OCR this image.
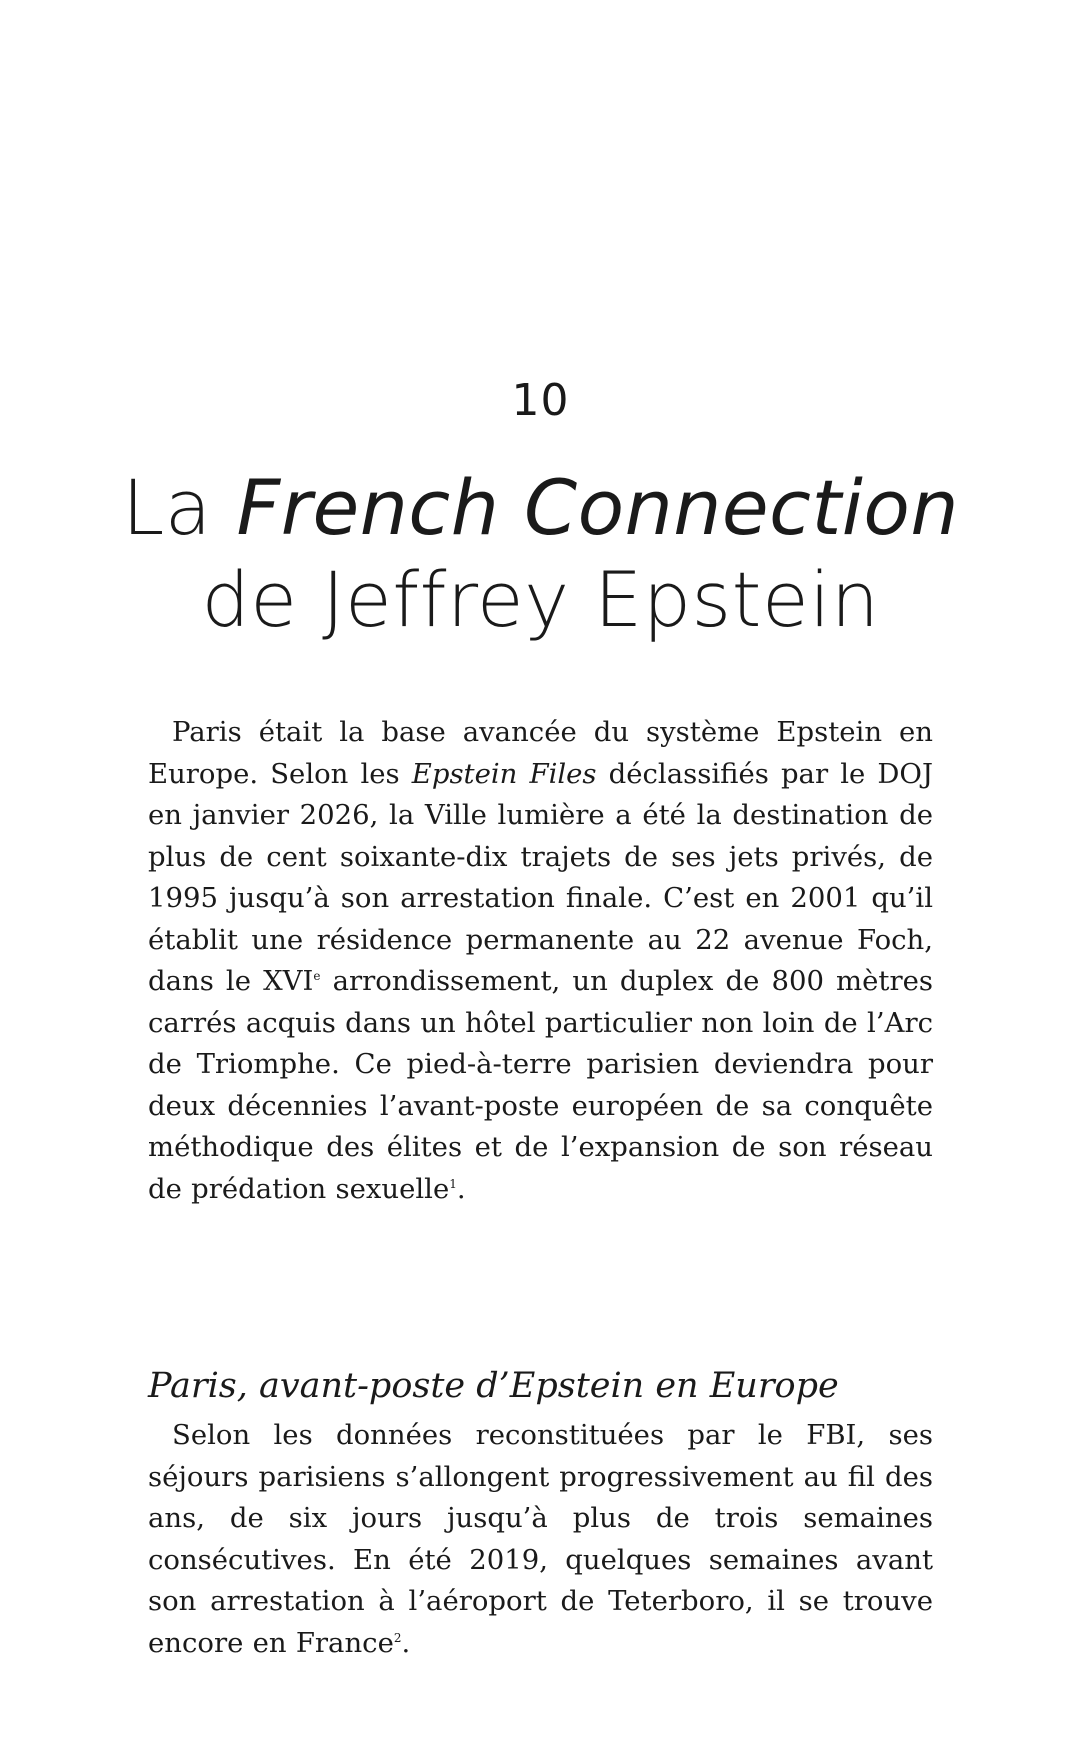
10
La French Connection
de Jeffrey Epstein
Paris était la base avancée du système Epstein en Europe. Selon les Epstein Files déclassifiés par le DOJ en janvier 2026, la Ville lumière a été la destination de plus de cent soixante-dix trajets de ses jets privés, de 1995 jusqu’à son arrestation finale. C’est en 2001 qu’il établit une résidence permanente au 22 avenue Foch, dans le XVIe arrondissement, un duplex de 800 mètres carrés acquis dans un hôtel particulier non loin de l’Arc de Triomphe. Ce pied-à-terre parisien deviendra pour deux décennies l’avant-poste européen de sa conquête méthodique des élites et de l’expansion de son réseau de prédation sexuelle$^1$.
Paris, avant-poste d’Epstein en Europe
Selon les données reconstituées par le FBI, ses séjours parisiens s’allongent progressivement au fil des ans, de six jours jusqu’à plus de trois semaines consécutives. En été 2019, quelques semaines avant son arrestation à l’aéroport de Teterboro, il se trouve encore en France$^2$.
